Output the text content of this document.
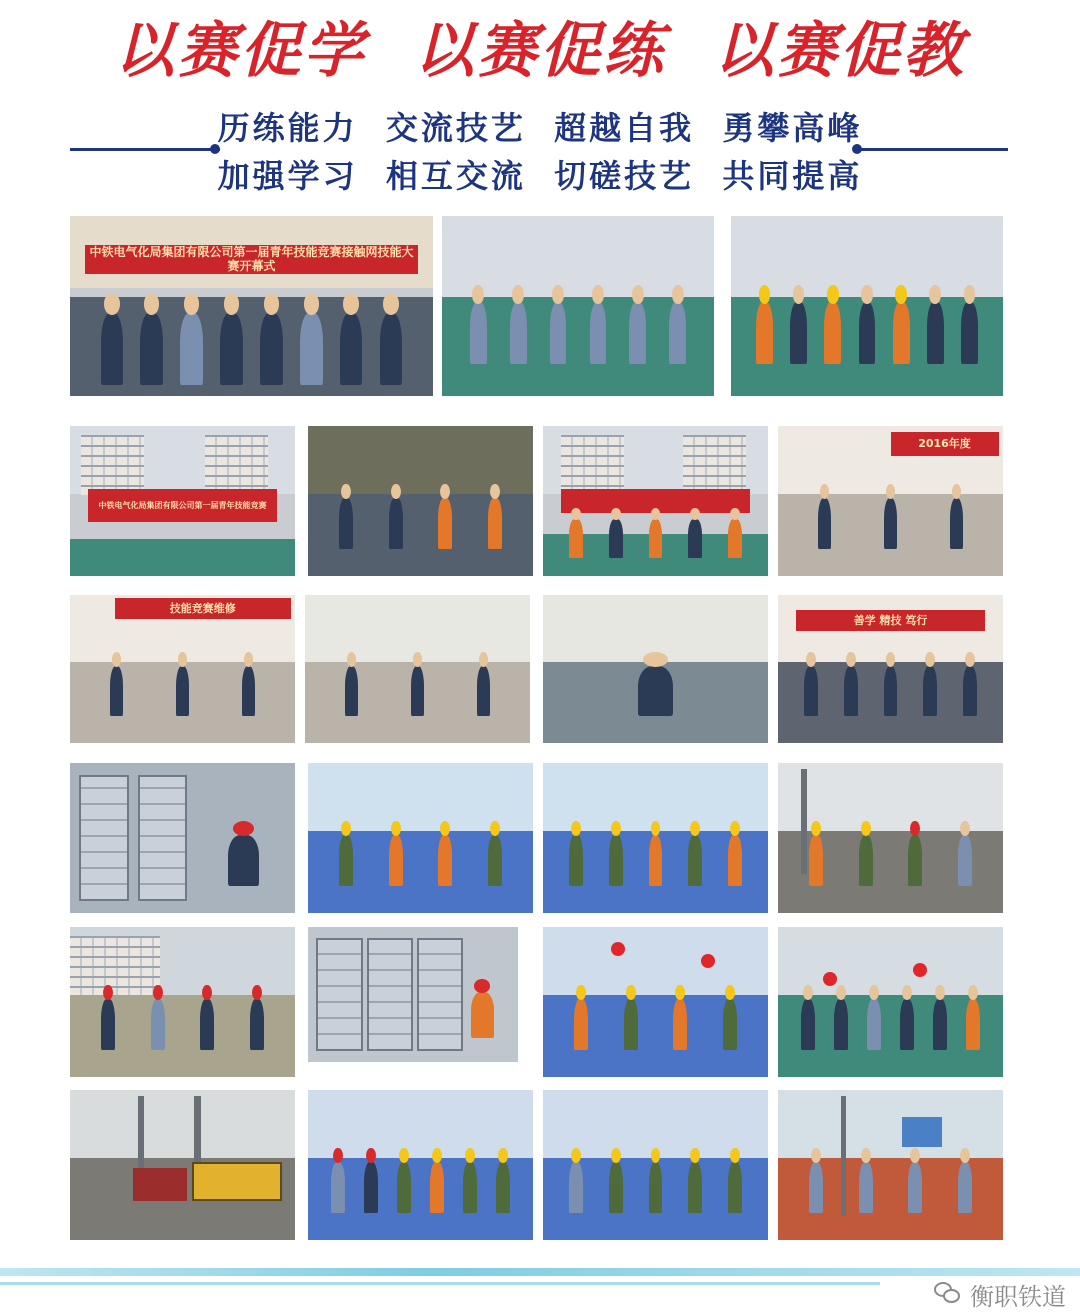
以赛促学  以赛促练  以赛促教
历练能力  交流技艺  超越自我  勇攀高峰
加强学习  相互交流  切磋技艺  共同提高
中铁电气化局集团有限公司第一届青年技能竞赛接触网技能大赛开幕式
中铁电气化局集团有限公司第一届青年技能竞赛
2016年度
技能竞赛维修
善学 精技 笃行
衡职铁道
